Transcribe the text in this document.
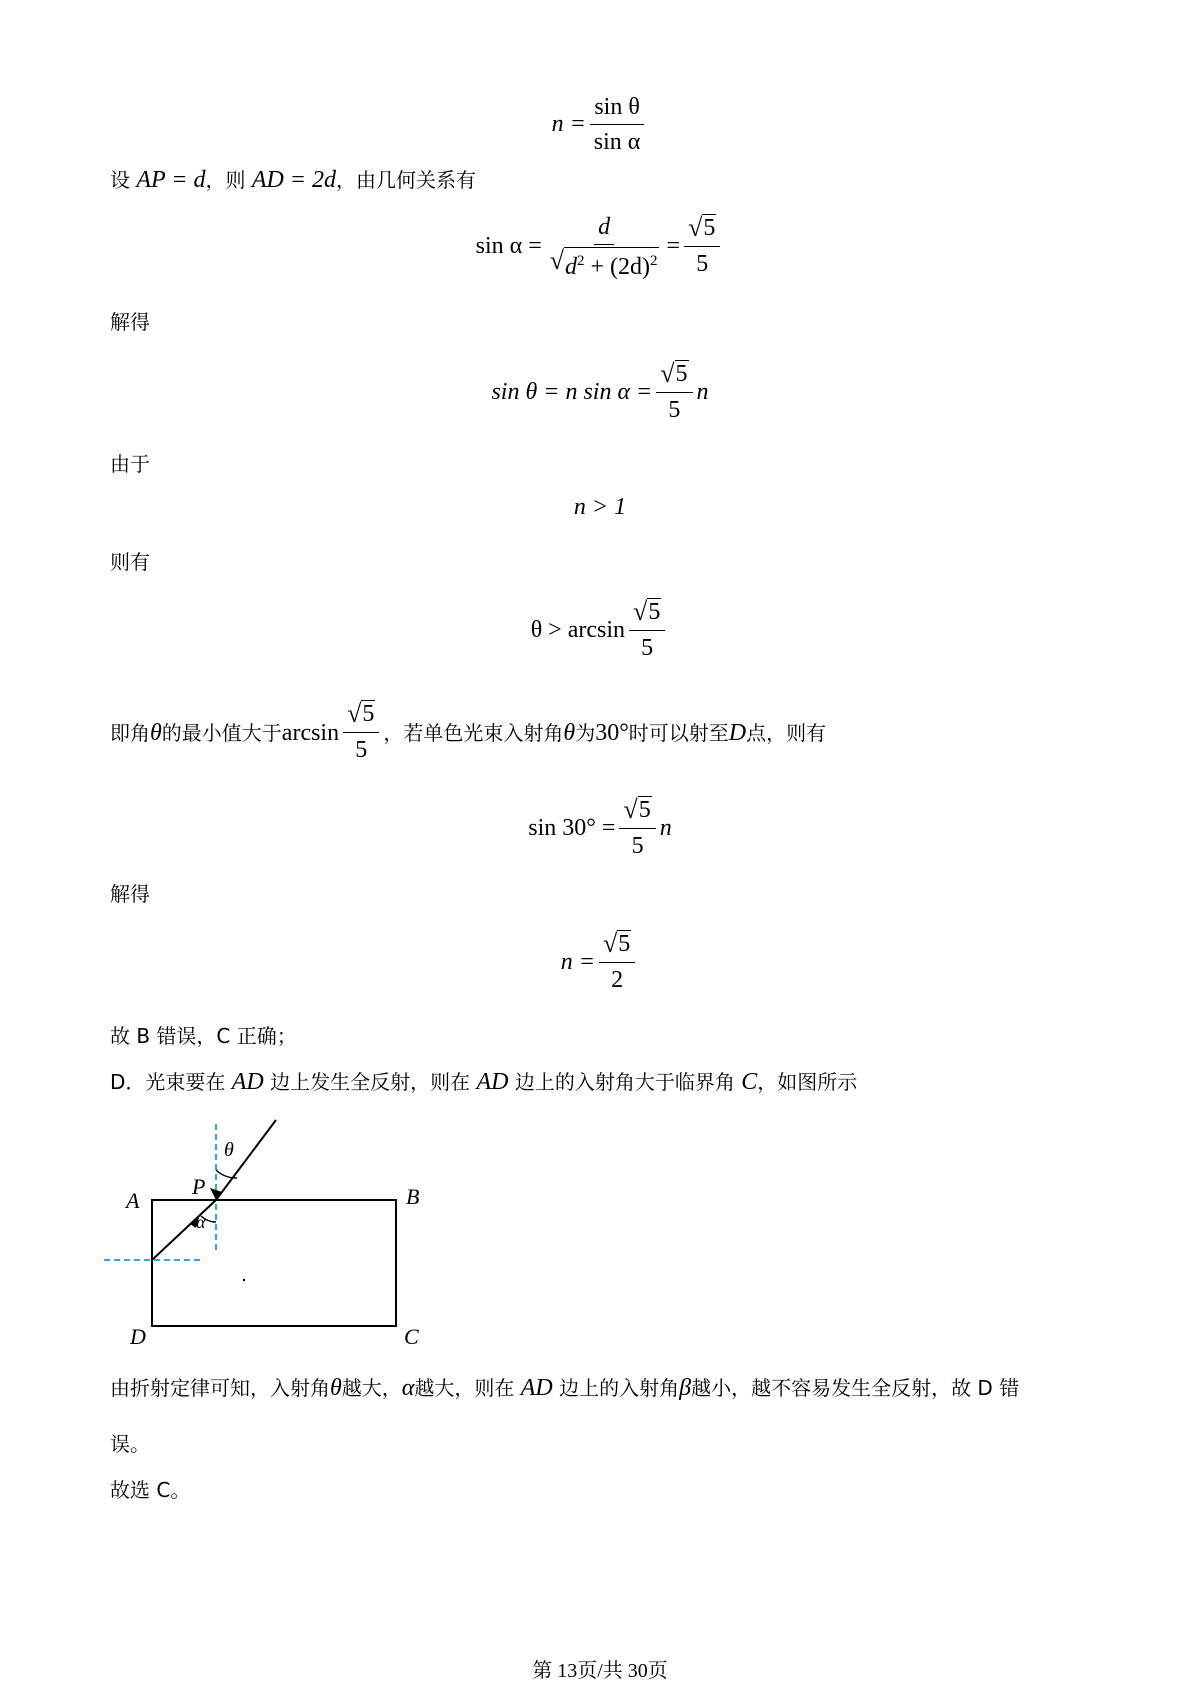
$n = \frac{\text{sin θ}}{\text{sin α}}$
设 AP = d，则 AD = 2d，由几何关系有
$\sin \alpha = \frac{d}{√ d^2 + (2d)^2} = \frac{√ 5}{5}$
解得
sin θ = n $\sin \alpha = \frac{√ 5}{5}$ n
由于
n > 1
则有
$\theta > \arcsin \frac{√ 5}{5}$
即角 θ 的最小值大于 $\arcsin \frac{√ 5}{5}$ ，若单色光束入射角 θ 为 30° 时可以射至 D 点，则有
$\sin 30^\circ = \frac{√ 5}{5}$ n
解得
$n = \frac{√ 5}{2}$
故 B 错误，C 正确；
D．光束要在 AD 边上发生全反射，则在 AD 边上的入射角大于临界角 C，如图所示
A	B
C
D
P
θ
α
由折射定律可知，入射角θ越大，α越大，则在 AD 边上的入射角β越小，越不容易发生全反射，故 D 错
误。
故选 C。
第 13页/共 30页
